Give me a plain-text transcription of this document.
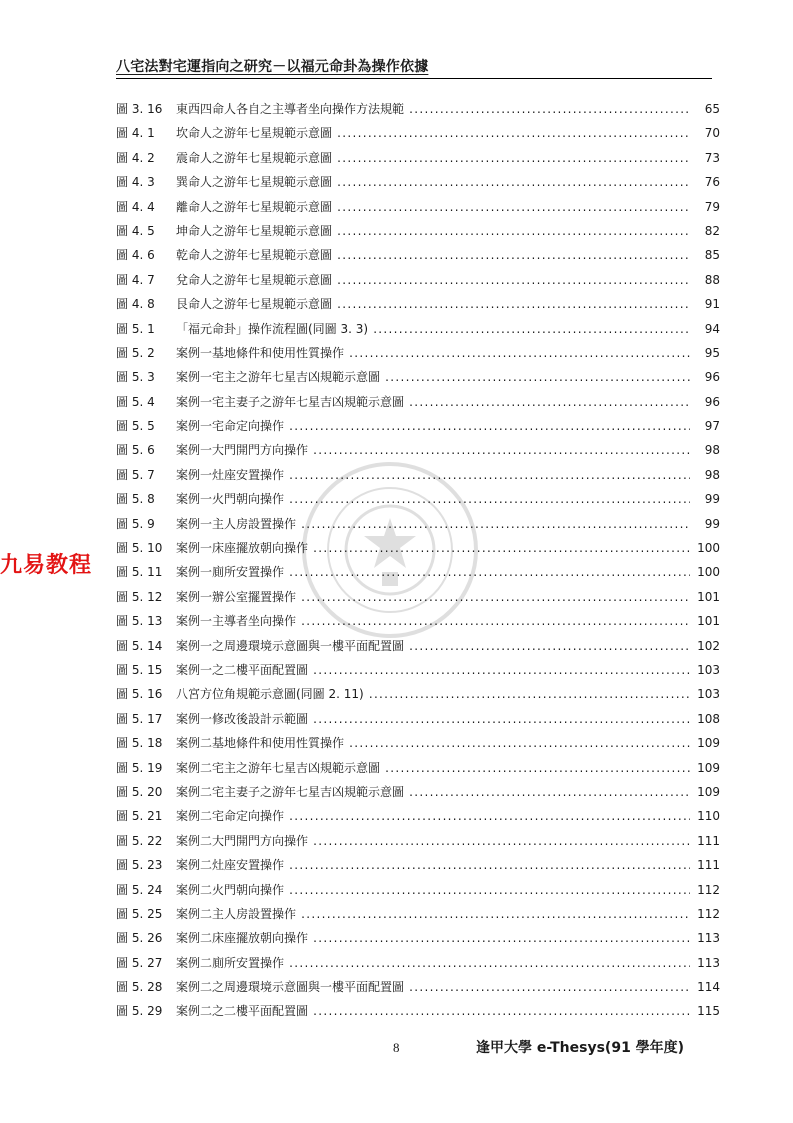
八宅法對宅運指向之研究－以福元命卦為操作依據
圖 3. 16	東西四命人各自之主導者坐向操作方法規範 .....	65
圖 4. 1	坎命人之游年七星規範示意圖 .....	70
圖 4. 2	震命人之游年七星規範示意圖 .....	73
圖 4. 3	巽命人之游年七星規範示意圖 .....	76
圖 4. 4	離命人之游年七星規範示意圖 .....	79
圖 4. 5	坤命人之游年七星規範示意圖 .....	82
圖 4. 6	乾命人之游年七星規範示意圖 .....	85
圖 4. 7	兌命人之游年七星規範示意圖 .....	88
圖 4. 8	艮命人之游年七星規範示意圖 .....	91
圖 5. 1	「福元命卦」操作流程圖(同圖 3. 3) .....	94
圖 5. 2	案例一基地條件和使用性質操作 .....	95
圖 5. 3	案例一宅主之游年七星吉凶規範示意圖 .....	96
圖 5. 4	案例一宅主妻子之游年七星吉凶規範示意圖 .....	96
圖 5. 5	案例一宅命定向操作 .....	97
圖 5. 6	案例一大門開門方向操作 .....	98
圖 5. 7	案例一灶座安置操作 .....	98
圖 5. 8	案例一火門朝向操作 .....	99
圖 5. 9	案例一主人房設置操作 .....	99
圖 5. 10	案例一床座擺放朝向操作 .....	100
圖 5. 11	案例一廁所安置操作 .....	100
圖 5. 12	案例一辦公室擺置操作 .....	101
圖 5. 13	案例一主導者坐向操作 .....	101
圖 5. 14	案例一之周邊環境示意圖與一樓平面配置圖 .....	102
圖 5. 15	案例一之二樓平面配置圖 .....	103
圖 5. 16	八宮方位角規範示意圖(同圖 2. 11) .....	103
圖 5. 17	案例一修改後設計示範圖 .....	108
圖 5. 18	案例二基地條件和使用性質操作 .....	109
圖 5. 19	案例二宅主之游年七星吉凶規範示意圖 .....	109
圖 5. 20	案例二宅主妻子之游年七星吉凶規範示意圖 .....	109
圖 5. 21	案例二宅命定向操作 .....	110
圖 5. 22	案例二大門開門方向操作 .....	111
圖 5. 23	案例二灶座安置操作 .....	111
圖 5. 24	案例二火門朝向操作 .....	112
圖 5. 25	案例二主人房設置操作 .....	112
圖 5. 26	案例二床座擺放朝向操作 .....	113
圖 5. 27	案例二廁所安置操作 .....	113
圖 5. 28	案例二之周邊環境示意圖與一樓平面配置圖 .....	114
圖 5. 29	案例二之二樓平面配置圖 .....	115
九易教程
8	逢甲大學 e-Thesys(91 學年度)
